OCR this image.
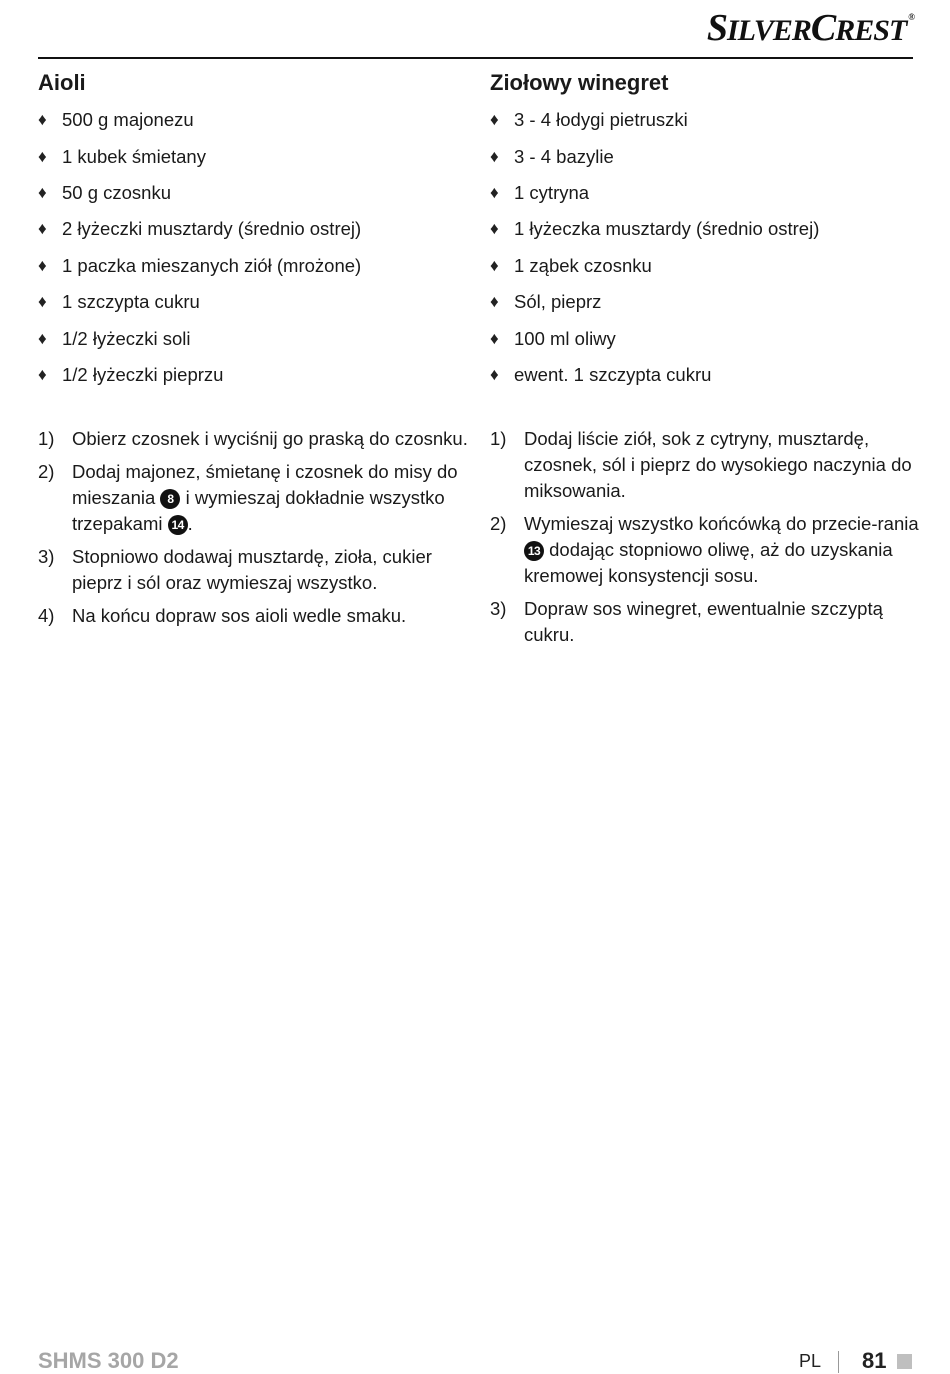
SILVERCREST ®
Aioli
♦ 500 g majonezu
♦ 1 kubek śmietany
♦ 50 g czosnku
♦ 2 łyżeczki musztardy (średnio ostrej)
♦ 1 paczka mieszanych ziół (mrożone)
♦ 1 szczypta cukru
♦ 1/2 łyżeczki soli
♦ 1/2 łyżeczki pieprzu
1) Obierz czosnek i wyciśnij go praską do czosnku.
2) Dodaj majonez, śmietanę i czosnek do misy do mieszania 8 i wymieszaj dokładnie wszystko trzepakami 14 .
3) Stopniowo dodawaj musztardę, zioła, cukier pieprz i sól oraz wymieszaj wszystko.
4) Na końcu dopraw sos aioli wedle smaku.
Ziołowy winegret
♦ 3 - 4 łodygi pietruszki
♦ 3 - 4 bazylie
♦ 1 cytryna
♦ 1 łyżeczka musztardy (średnio ostrej)
♦ 1 ząbek czosnku
♦ Sól, pieprz
♦ 100 ml oliwy
♦ ewent. 1 szczypta cukru
1) Dodaj liście ziół, sok z cytryny, musztardę, czosnek, sól i pieprz do wysokiego naczynia do miksowania.
2) Wymieszaj wszystko końcówką do przecie-rania 13 dodając stopniowo oliwę, aż do uzyskania kremowej konsystencji sosu.
3) Dopraw sos winegret, ewentualnie szczyptą cukru.
SHMS 300 D2	PL 81
